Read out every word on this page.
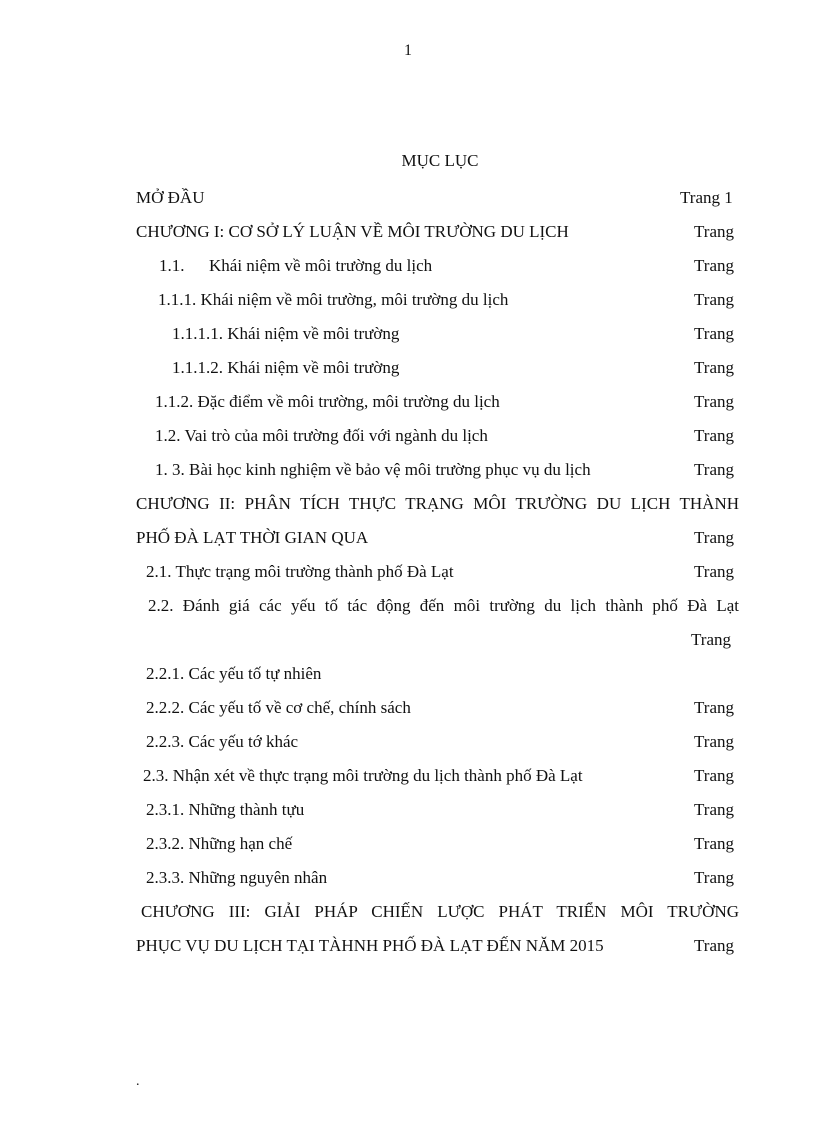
1
MỤC LỤC
MỞ ĐẦU	Trang 1
CHƯƠNG I: CƠ SỞ LÝ LUẬN VỀ MÔI TRƯỜNG DU LỊCH	Trang
1.1. Khái niệm về môi trường du lịch	Trang
1.1.1. Khái niệm về môi trường, môi trường du lịch	Trang
1.1.1.1. Khái niệm về môi trường	Trang
1.1.1.2. Khái niệm về môi trường	Trang
1.1.2. Đặc điểm về môi trường, môi trường du lịch	Trang
1.2. Vai trò của môi trường đối với ngành du lịch	Trang
1. 3. Bài học kinh nghiệm về bảo vệ môi trường phục vụ du lịch	Trang
CHƯƠNG II: PHÂN TÍCH THỰC TRẠNG MÔI TRƯỜNG DU LỊCH THÀNH
PHỐ ĐÀ LẠT THỜI GIAN QUA	Trang
2.1. Thực trạng môi trường thành phố Đà Lạt	Trang
2.2. Đánh giá các yếu tố tác động đến môi trường du lịch thành phố Đà Lạt
Trang
2.2.1. Các yếu tố tự nhiên
2.2.2. Các yếu tố về cơ chế, chính sách	Trang
2.2.3. Các yếu tớ khác	Trang
2.3. Nhận xét về thực trạng môi trường du lịch thành phố Đà Lạt	Trang
2.3.1. Những thành tựu	Trang
2.3.2. Những hạn chế	Trang
2.3.3. Những nguyên nhân	Trang
CHƯƠNG III: GIẢI PHÁP CHIẾN LƯỢC PHÁT TRIỂN MÔI TRƯỜNG
PHỤC VỤ DU LỊCH TẠI TÀHNH PHỐ ĐÀ LẠT ĐẾN NĂM 2015	Trang
.
